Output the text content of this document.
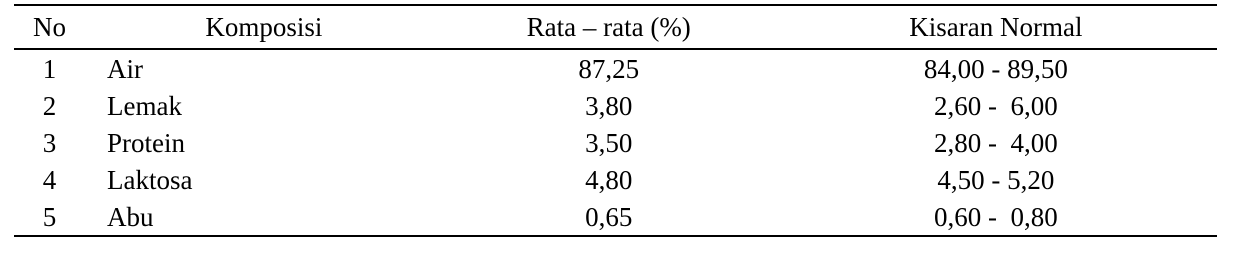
No	Komposisi	Rata – rata (%)	Kisaran Normal
1	Air	87,25	84,00 - 89,50
2	Lemak	3,80	2,60 -  6,00
3	Protein	3,50	2,80 -  4,00
4	Laktosa	4,80	4,50 - 5,20
5	Abu	0,65	0,60 -  0,80
